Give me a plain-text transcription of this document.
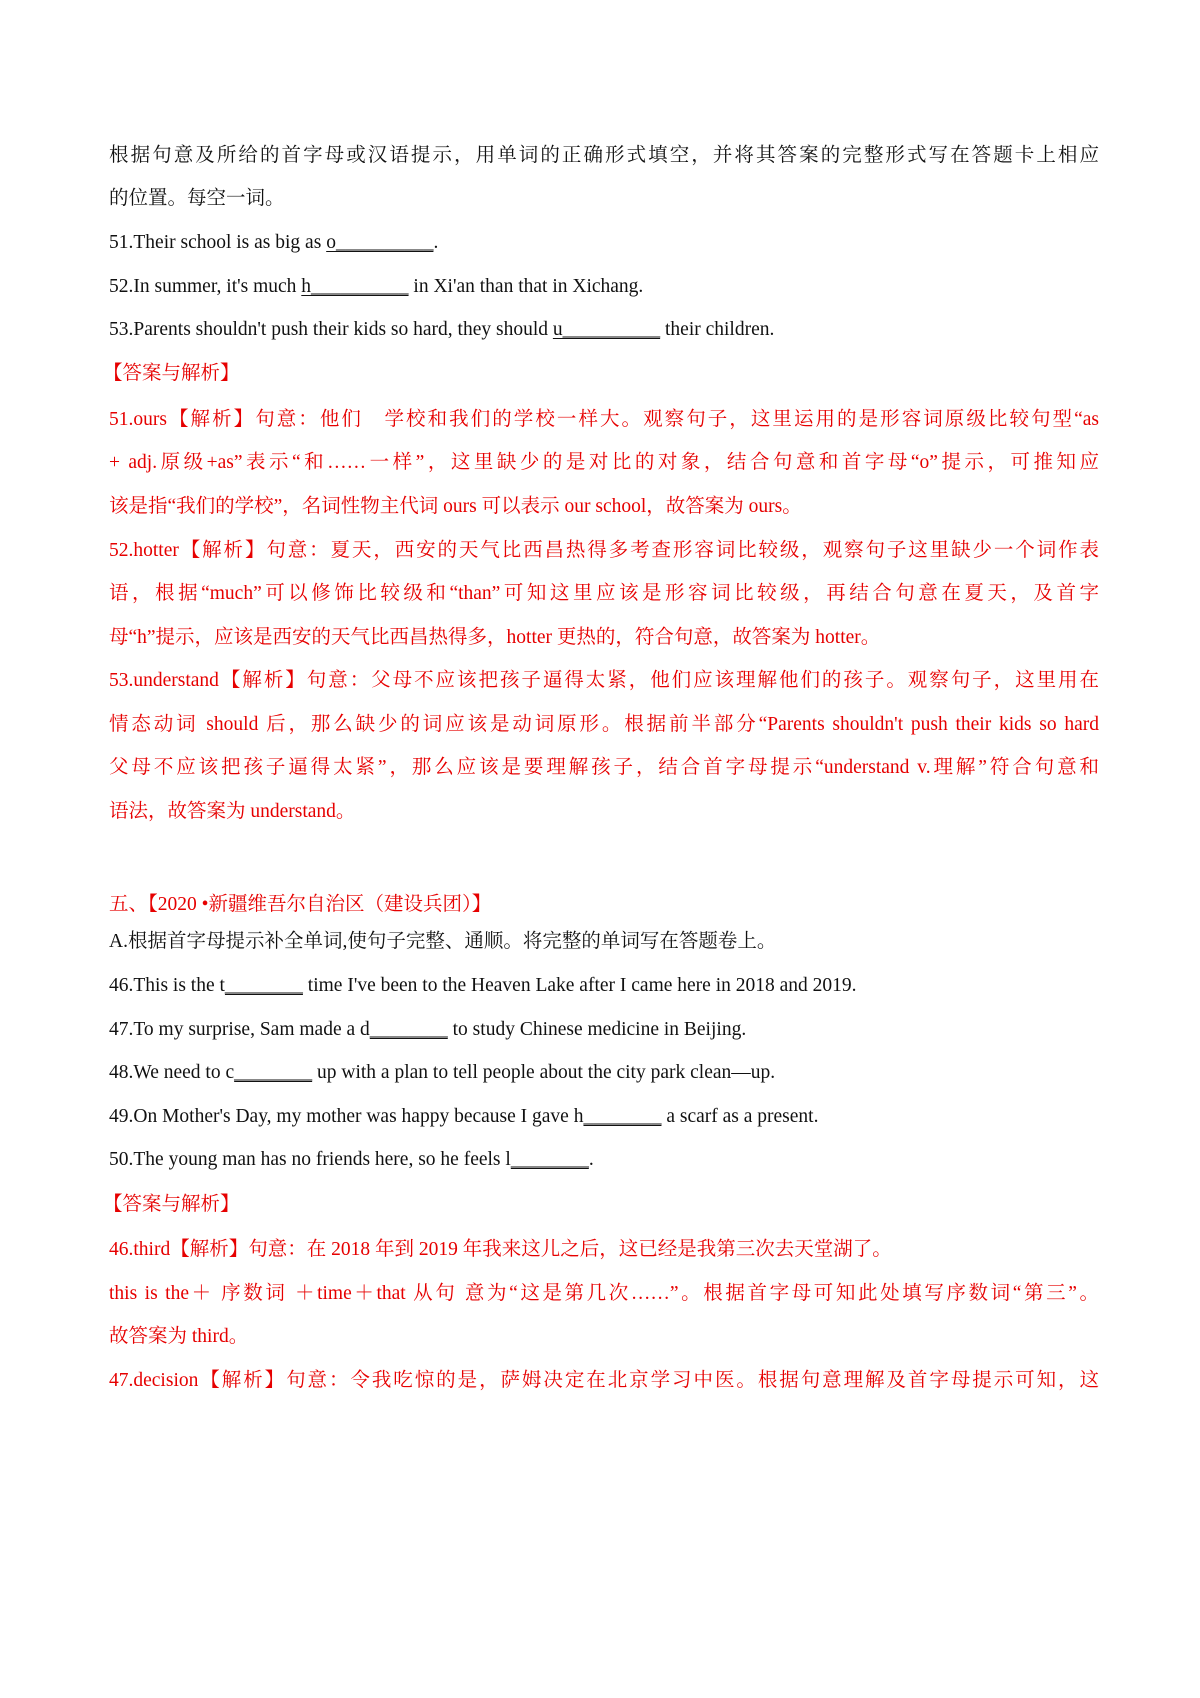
根据句意及所给的首字母或汉语提示，用单词的正确形式填空，并将其答案的完整形式写在答题卡上相应
的位置。每空一词。
51.Their school is as big as o__________.
52.In summer, it's much h__________ in Xi'an than that in Xichang.
53.Parents shouldn't push their kids so hard, they should u__________ their children.
【答案与解析】
51.ours【解析】句意：他们　学校和我们的学校一样大。观察句子，这里运用的是形容词原级比较句型“as
+ adj.原级+as”表示“和……一样”，这里缺少的是对比的对象，结合句意和首字母“o”提示，可推知应
该是指“我们的学校”，名词性物主代词 ours 可以表示 our school，故答案为 ours。
52.hotter【解析】句意：夏天，西安的天气比西昌热得多考查形容词比较级，观察句子这里缺少一个词作表
语，根据“much”可以修饰比较级和“than”可知这里应该是形容词比较级，再结合句意在夏天，及首字
母“h”提示，应该是西安的天气比西昌热得多，hotter 更热的，符合句意，故答案为 hotter。
53.understand【解析】句意：父母不应该把孩子逼得太紧，他们应该理解他们的孩子。观察句子，这里用在
情态动词 should 后，那么缺少的词应该是动词原形。根据前半部分“Parents shouldn't push their kids so hard
父母不应该把孩子逼得太紧”，那么应该是要理解孩子，结合首字母提示“understand v.理解”符合句意和
语法，故答案为 understand。
五、【2020 •新疆维吾尔自治区（建设兵团）】
A.根据首字母提示补全单词,使句子完整、通顺。将完整的单词写在答题卷上。
46.This is the t________ time I've been to the Heaven Lake after I came here in 2018 and 2019.
47.To my surprise, Sam made a d________ to study Chinese medicine in Beijing.
48.We need to c________ up with a plan to tell people about the city park clean—up.
49.On Mother's Day, my mother was happy because I gave h________ a scarf as a present.
50.The young man has no friends here, so he feels l________.
【答案与解析】
46.third【解析】句意：在 2018 年到 2019 年我来这儿之后，这已经是我第三次去天堂湖了。
this is the＋ 序数词 ＋time＋that 从句 意为“这是第几次……”。根据首字母可知此处填写序数词“第三”。
故答案为 third。
47.decision【解析】句意：令我吃惊的是，萨姆决定在北京学习中医。根据句意理解及首字母提示可知，这
